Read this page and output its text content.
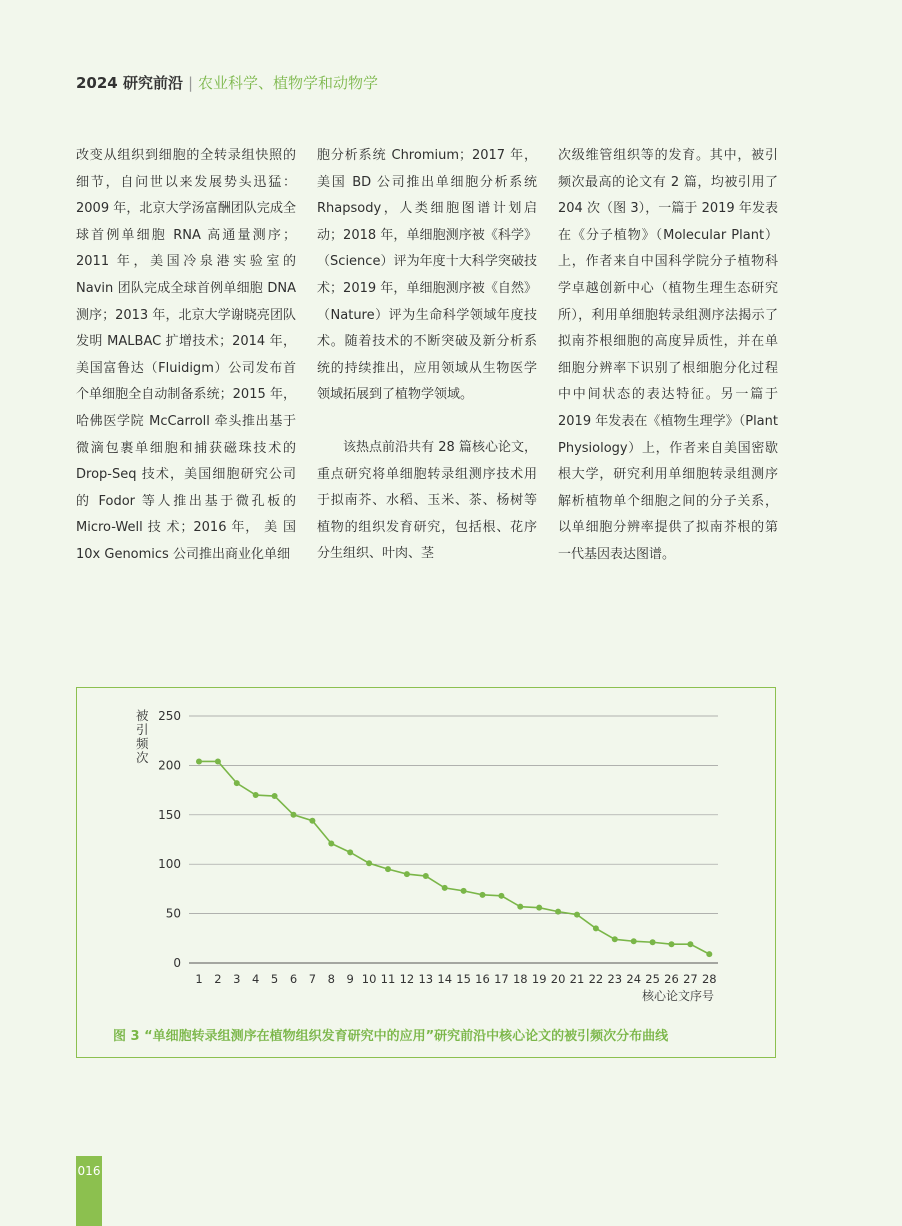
2024 研究前沿 | 农业科学、植物学和动物学

改变从组织到细胞的全转录组快照的细节，自问世以来发展势头迅猛：2009 年，北京大学汤富酬团队完成全球首例单细胞 RNA 高通量测序；2011 年，美国冷泉港实验室的 Navin 团队完成全球首例单细胞 DNA 测序；2013 年，北京大学谢晓亮团队发明 MALBAC 扩增技术；2014 年，美国富鲁达（Fluidigm）公司发布首个单细胞全自动制备系统；2015 年，哈佛医学院 McCarroll 牵头推出基于微滴包裹单细胞和捕获磁珠技术的 Drop-Seq 技术，美国细胞研究公司的 Fodor 等人推出基于微孔板的 Micro-Well 技 术；2016 年， 美 国 10x Genomics 公司推出商业化单细

胞分析系统 Chromium；2017 年，美国 BD 公司推出单细胞分析系统 Rhapsody，人类细胞图谱计划启动；2018 年，单细胞测序被《科学》（Science）评为年度十大科学突破技术；2019 年，单细胞测序被《自然》（Nature）评为生命科学领域年度技术。随着技术的不断突破及新分析系统的持续推出，应用领域从生物医学领域拓展到了植物学领域。

该热点前沿共有 28 篇核心论文，重点研究将单细胞转录组测序技术用于拟南芥、水稻、玉米、茶、杨树等植物的组织发育研究，包括根、花序分生组织、叶肉、茎

次级维管组织等的发育。其中，被引频次最高的论文有 2 篇，均被引用了 204 次（图 3），一篇于 2019 年发表在《分子植物》（Molecular Plant）上，作者来自中国科学院分子植物科学卓越创新中心（植物生理生态研究所），利用单细胞转录组测序法揭示了拟南芥根细胞的高度异质性，并在单细胞分辨率下识别了根细胞分化过程中中间状态的表达特征。另一篇于 2019 年发表在《植物生理学》（Plant Physiology）上，作者来自美国密歇根大学，研究利用单细胞转录组测序解析植物单个细胞之间的分子关系，以单细胞分辨率提供了拟南芥根的第一代基因表达图谱。

0
50
100
150
200
250
1 2 3 4 5 6 7 8 9 10 11 12 13 14 15 16 17 18 19 20 21 22 23 24 25 26 27 28
被引频次
核心论文序号
图 3 “单细胞转录组测序在植物组织发育研究中的应用”研究前沿中核心论文的被引频次分布曲线
016
